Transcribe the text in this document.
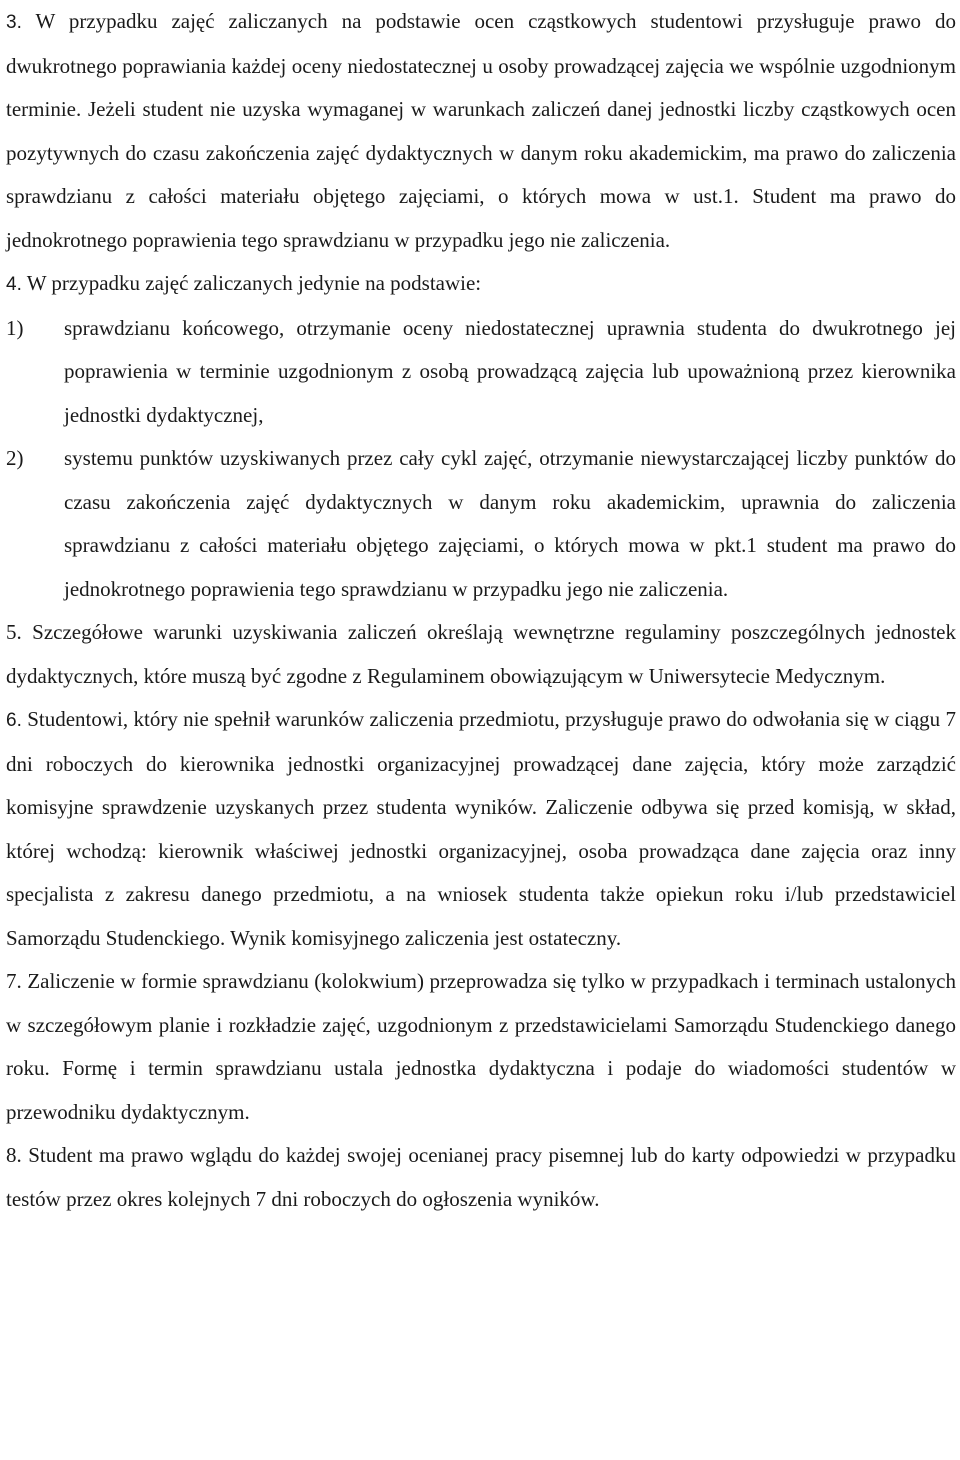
3. W przypadku zajęć zaliczanych na podstawie ocen cząstkowych studentowi przysługuje prawo do dwukrotnego poprawiania każdej oceny niedostatecznej u osoby prowadzącej zajęcia we wspólnie uzgodnionym terminie. Jeżeli student nie uzyska wymaganej w warunkach zaliczeń danej jednostki liczby cząstkowych ocen pozytywnych do czasu zakończenia zajęć dydaktycznych w danym roku akademickim, ma prawo do zaliczenia sprawdzianu z całości materiału objętego zajęciami, o których mowa w ust.1. Student ma prawo do jednokrotnego poprawienia tego sprawdzianu w przypadku jego nie zaliczenia.

4. W przypadku zajęć zaliczanych jedynie na podstawie:

1) sprawdzianu końcowego, otrzymanie oceny niedostatecznej uprawnia studenta do dwukrotnego jej poprawienia w terminie uzgodnionym z osobą prowadzącą zajęcia lub upoważnioną przez kierownika jednostki dydaktycznej,

2) systemu punktów uzyskiwanych przez cały cykl zajęć, otrzymanie niewystarczającej liczby punktów do czasu zakończenia zajęć dydaktycznych w danym roku akademickim, uprawnia do zaliczenia sprawdzianu z całości materiału objętego zajęciami, o których mowa w pkt.1 student ma prawo do jednokrotnego poprawienia tego sprawdzianu w przypadku jego nie zaliczenia.

5. Szczegółowe warunki uzyskiwania zaliczeń określają wewnętrzne regulaminy poszczególnych jednostek dydaktycznych, które muszą być zgodne z Regulaminem obowiązującym w Uniwersytecie Medycznym.

6. Studentowi, który nie spełnił warunków zaliczenia przedmiotu, przysługuje prawo do odwołania się w ciągu 7 dni roboczych do kierownika jednostki organizacyjnej prowadzącej dane zajęcia, który może zarządzić komisyjne sprawdzenie uzyskanych przez studenta wyników. Zaliczenie odbywa się przed komisją, w skład, której wchodzą: kierownik właściwej jednostki organizacyjnej, osoba prowadząca dane zajęcia oraz inny specjalista z zakresu danego przedmiotu, a na wniosek studenta także opiekun roku i/lub przedstawiciel Samorządu Studenckiego. Wynik komisyjnego zaliczenia jest ostateczny.

7. Zaliczenie w formie sprawdzianu (kolokwium) przeprowadza się tylko w przypadkach i terminach ustalonych w szczegółowym planie i rozkładzie zajęć, uzgodnionym z przedstawicielami Samorządu Studenckiego danego roku. Formę i termin sprawdzianu ustala jednostka dydaktyczna i podaje do wiadomości studentów w przewodniku dydaktycznym.

8. Student ma prawo wglądu do każdej swojej ocenianej pracy pisemnej lub do karty odpowiedzi w przypadku testów przez okres kolejnych 7 dni roboczych do ogłoszenia wyników.
